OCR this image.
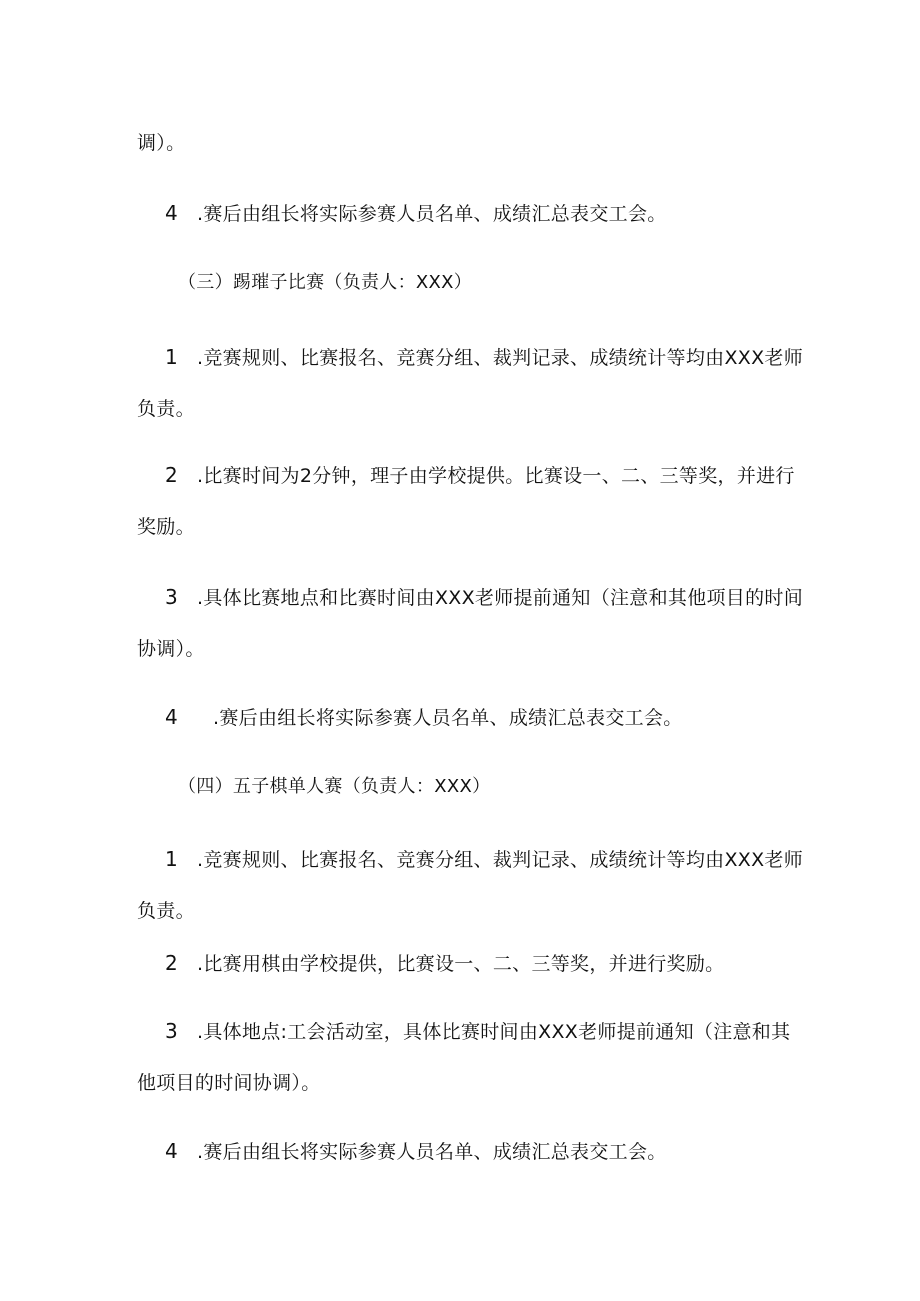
调）。
4 .赛后由组长将实际参赛人员名单、成绩汇总表交工会。
（三）踢璀子比赛（负责人：XXX）
1 .竞赛规则、比赛报名、竞赛分组、裁判记录、成绩统计等均由XXX老师
负责。
2 .比赛时间为2分钟，理子由学校提供。比赛设一、二、三等奖，并进行
奖励。
3 .具体比赛地点和比赛时间由XXX老师提前通知（注意和其他项目的时间
协调）。
4 .赛后由组长将实际参赛人员名单、成绩汇总表交工会。
（四）五子棋单人赛（负责人：XXX）
1 .竞赛规则、比赛报名、竞赛分组、裁判记录、成绩统计等均由XXX老师
负责。
2 .比赛用棋由学校提供，比赛设一、二、三等奖，并进行奖励。
3 .具体地点:工会活动室，具体比赛时间由XXX老师提前通知（注意和其
他项目的时间协调）。
4 .赛后由组长将实际参赛人员名单、成绩汇总表交工会。
